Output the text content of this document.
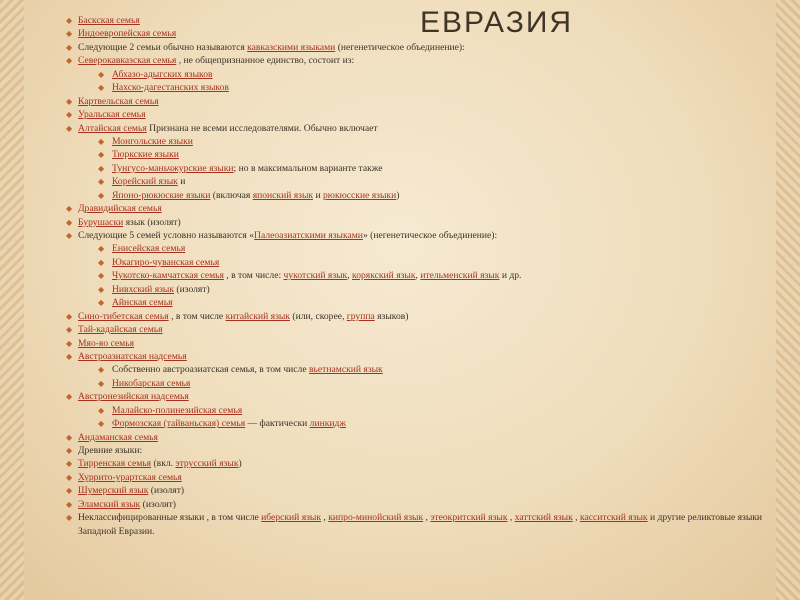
ЕВРАЗИЯ
◆ Баскская семья
◆ Индоевропейская семья
◆ Следующие 2 семьи обычно называются кавказскими языками (негенетическое объединение):
◆ Северокавказская семья , не общепризнанное единство, состоит из:
◆ Абхазо-адыгских языков
◆ Нахско-дагестанских языков
◆ Картвельская семья
◆ Уральская семья
◆ Алтайская семья Признана не всеми исследователями. Обычно включает
◆ Монгольские языки
◆ Тюркские языки
◆ Тунгусо-маньчжурские языки; но в максимальном варианте также
◆ Корейский язык и
◆ Японо-рюкюские языки (включая японский язык и рюкюсские языки)
◆ Дравидийская семья
◆ Бурушаски язык (изолят)
◆ Следующие 5 семей условно называются «Палеоазиатскими языками» (негенетическое объединение):
◆ Енисейская семья
◆ Юкагиро-чуванская семья
◆ Чукотско-камчатская семья , в том числе: чукотский язык, корякский язык, ительменский язык и др.
◆ Нивхский язык (изолят)
◆ Айнская семья
◆ Сино-тибетская семья , в том числе китайский язык (или, скорее, группа языков)
◆ Тай-кадайская семья
◆ Мяо-яо семья
◆ Австроазиатская надсемья
◆ Собственно австроазиатская семья, в том числе вьетнамский язык
◆ Никобарская семья
◆ Австронезийская надсемья
◆ Малайско-полинезийская семья
◆ Формозская (тайваньская) семья — фактически линкидж
◆ Андаманская семья
◆ Древние языки:
◆ Тирренская семья (вкл. этрусский язык)
◆ Хуррито-урартская семья
◆ Шумерский язык (изолят)
◆ Эламский язык (изолят)
◆ Неклассифицированные языки , в том числе иберский язык , кипро-минойский язык , этеокритский язык , хаттский язык , касситский язык и другие реликтовые языки Западной Евразии.
